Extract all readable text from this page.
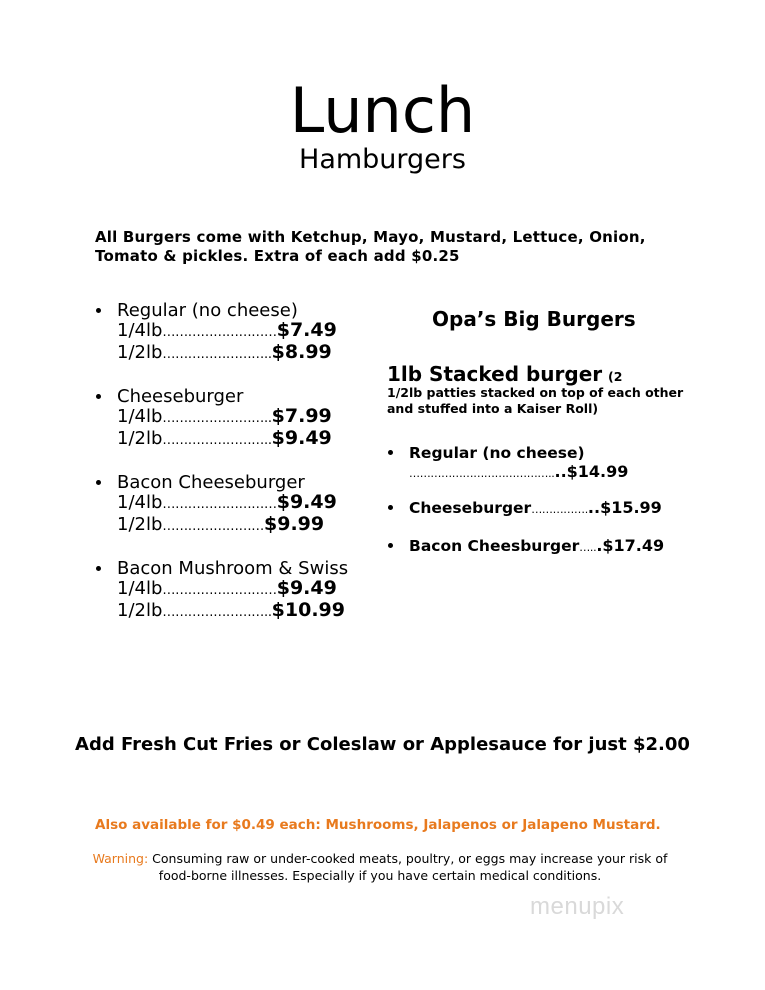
Lunch
Hamburgers
All Burgers come with Ketchup, Mayo, Mustard, Lettuce, Onion, Tomato & pickles. Extra of each add $0.25
Regular (no cheese)
1/4lb………………………$7.49
1/2lb……………………..$8.99
Cheeseburger
1/4lb……………………..$7.99
1/2lb……………………..$9.49
Bacon Cheeseburger
1/4lb………………………$9.49
1/2lb……………………$9.99
Bacon Mushroom & Swiss
1/4lb………………………$9.49
1/2lb……………………..$10.99
Opa’s Big Burgers
1lb Stacked burger (2
1/2lb patties stacked on top of each other and stuffed into a Kaiser Roll)
Regular (no cheese)
…………………………………....$14.99
Cheeseburger……………...$15.99
Bacon Cheesburger…...$17.49
Add Fresh Cut Fries or Coleslaw or Applesauce for just $2.00
Also available for $0.49 each: Mushrooms, Jalapenos or Jalapeno Mustard.
Warning: Consuming raw or under-cooked meats, poultry, or eggs may increase your risk of food-borne illnesses. Especially if you have certain medical conditions.
menupix
